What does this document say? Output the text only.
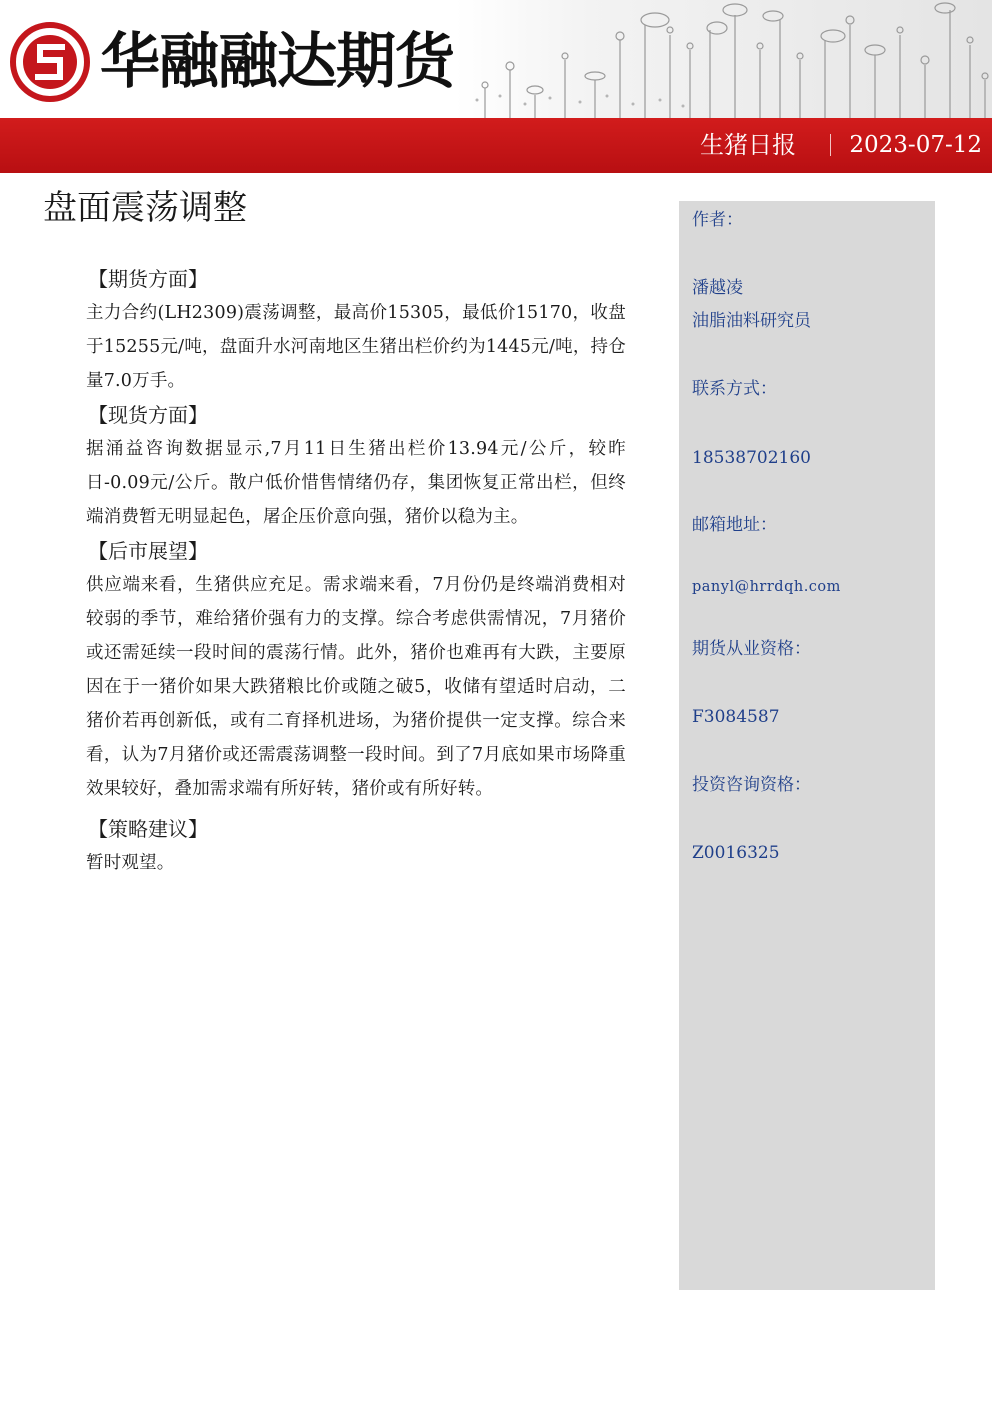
华融融达期货
生猪日报 2023-07-12
盘面震荡调整
【期货方面】

主力合约(LH2309)震荡调整，最高价15305，最低价15170，收盘于15255元/吨，盘面升水河南地区生猪出栏价约为1445元/吨，持仓量7.0万手。

【现货方面】

据涌益咨询数据显示,7月11日生猪出栏价13.94元/公斤，较昨日-0.09元/公斤。散户低价惜售情绪仍存，集团恢复正常出栏，但终端消费暂无明显起色，屠企压价意向强，猪价以稳为主。

【后市展望】

供应端来看，生猪供应充足。需求端来看，7月份仍是终端消费相对较弱的季节，难给猪价强有力的支撑。综合考虑供需情况，7月猪价或还需延续一段时间的震荡行情。此外，猪价也难再有大跌，主要原因在于一猪价如果大跌猪粮比价或随之破5，收储有望适时启动，二猪价若再创新低，或有二育择机进场，为猪价提供一定支撑。综合来看，认为7月猪价或还需震荡调整一段时间。到了7月底如果市场降重效果较好，叠加需求端有所好转，猪价或有所好转。

【策略建议】

暂时观望。

作者：
潘越凌
油脂油料研究员
联系方式：
18538702160
邮箱地址：
panyl@hrrdqh.com
期货从业资格：
F3084587
投资咨询资格：
Z0016325
